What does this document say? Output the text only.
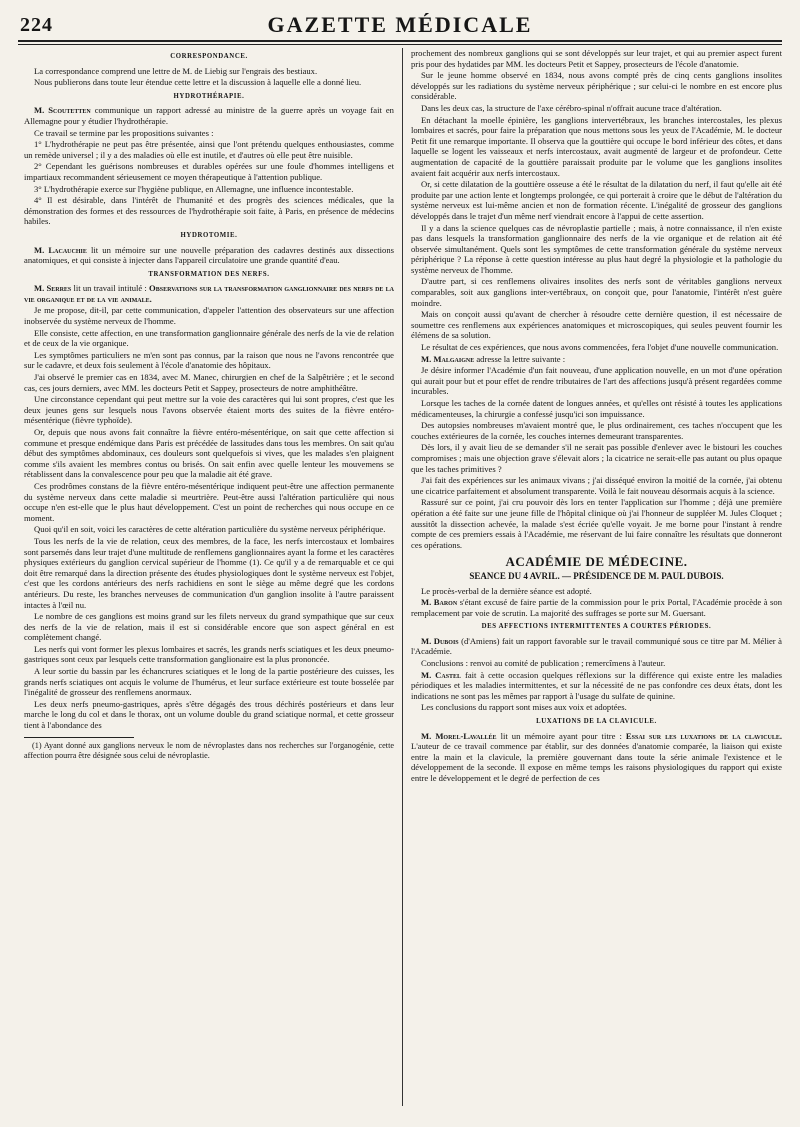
224	GAZETTE MÉDICALE
CORRESPONDANCE.

La correspondance comprend une lettre de M. de Liebig sur l'engrais des bestiaux.

Nous publierons dans toute leur étendue cette lettre et la discussion à laquelle elle a donné lieu.

HYDROTHÉRAPIE.

M. Scoutetten communique un rapport adressé au ministre de la guerre après un voyage fait en Allemagne pour y étudier l'hydrothérapie.

Ce travail se termine par les propositions suivantes :

1° L'hydrothérapie ne peut pas être présentée, ainsi que l'ont prétendu quelques enthousiastes, comme un remède universel ; il y a des maladies où elle est inutile, et d'autres où elle peut être nuisible.

2° Cependant les guérisons nombreuses et durables opérées sur une foule d'hommes intelligens et impartiaux recommandent sérieusement ce moyen thérapeutique à l'attention publique.

3° L'hydrothérapie exerce sur l'hygiène publique, en Allemagne, une influence incontestable.

4° Il est désirable, dans l'intérêt de l'humanité et des progrès des sciences médicales, que la démonstration des formes et des ressources de l'hydrothérapie soit faite, à Paris, en présence de médecins habiles.

HYDROTOMIE.

M. Lacauchie lit un mémoire sur une nouvelle préparation des cadavres destinés aux dissections anatomiques, et qui consiste à injecter dans l'appareil circulatoire une grande quantité d'eau.

TRANSFORMATION DES NERFS.

M. Serres lit un travail intitulé : Observations sur la transformation ganglionnaire des nerfs de la vie organique et de la vie animale.

Je me propose, dit-il, par cette communication, d'appeler l'attention des observateurs sur une affection inobservée du système nerveux de l'homme.

Elle consiste, cette affection, en une transformation ganglionnaire générale des nerfs de la vie de relation et de ceux de la vie organique.

Les symptômes particuliers ne m'en sont pas connus, par la raison que nous ne l'avons rencontrée que sur le cadavre, et deux fois seulement à l'école d'anatomie des hôpitaux.

J'ai observé le premier cas en 1834, avec M. Manec, chirurgien en chef de la Salpêtrière ; et le second cas, ces jours derniers, avec MM. les docteurs Petit et Sappey, prosecteurs de notre amphithéâtre.

Une circonstance cependant qui peut mettre sur la voie des caractères qui lui sont propres, c'est que les deux jeunes gens sur lesquels nous l'avons observée étaient morts des suites de la fièvre entéro-mésentérique (fièvre typhoïde).

Or, depuis que nous avons fait connaître la fièvre entéro-mésentérique, on sait que cette affection si commune et presque endémique dans Paris est précédée de lassitudes dans tous les membres. On sait qu'au début des symptômes abdominaux, ces douleurs sont quelquefois si vives, que les malades s'en plaignent comme s'ils avaient les membres contus ou brisés. On sait enfin avec quelle lenteur les mouvemens se rétablissent dans la convalescence pour peu que la maladie ait été grave.

Ces prodrômes constans de la fièvre entéro-mésentérique indiquent peut-être une affection permanente du système nerveux dans cette maladie si meurtrière. Peut-être aussi l'altération particulière qui nous occupe n'en est-elle que le plus haut développement. C'est un point de recherches qui nous occupe en ce moment.

Quoi qu'il en soit, voici les caractères de cette altération particulière du système nerveux périphérique.

Tous les nerfs de la vie de relation, ceux des membres, de la face, les nerfs intercostaux et lombaires sont parsemés dans leur trajet d'une multitude de renflemens ganglionnaires ayant la forme et les caractères physiques extérieurs du ganglion cervical supérieur de l'homme (1). Ce qu'il y a de remarquable et ce qui doit être remarqué dans la direction présente des études physiologiques dont le système nerveux est l'objet, c'est que les cordons antérieurs des nerfs rachidiens en sont le siège au même degré que les cordons antérieurs. Du reste, les branches nerveuses de communication d'un ganglion insolite à l'autre paraissent intactes à l'œil nu.

Le nombre de ces ganglions est moins grand sur les filets nerveux du grand sympathique que sur ceux des nerfs de la vie de relation, mais il est si considérable encore que son aspect général en est complètement changé.

Les nerfs qui vont former les plexus lombaires et sacrés, les grands nerfs sciatiques et les deux pneumo-gastriques sont ceux par lesquels cette transformation ganglionaire est la plus prononcée.

A leur sortie du bassin par les échancrures sciatiques et le long de la partie postérieure des cuisses, les grands nerfs sciatiques ont acquis le volume de l'humérus, et leur surface extérieure est toute bosselée par l'inégalité de grosseur des renflemens anormaux.

Les deux nerfs pneumo-gastriques, après s'être dégagés des trous déchirés postérieurs et dans leur marche le long du col et dans le thorax, ont un volume double du grand sciatique normal, et cette grosseur tient à l'abondance des

(1) Ayant donné aux ganglions nerveux le nom de névroplastes dans nos recherches sur l'organogénie, cette affection pourra être désignée sous celui de névroplastie.

prochement des nombreux ganglions qui se sont développés sur leur trajet, et qui au premier aspect furent pris pour des hydatides par MM. les docteurs Petit et Sappey, prosecteurs de l'école d'anatomie.

Sur le jeune homme observé en 1834, nous avons compté près de cinq cents ganglions insolites développés sur les radiations du système nerveux périphérique ; sur celui-ci le nombre en est encore plus considérable.

Dans les deux cas, la structure de l'axe cérébro-spinal n'offrait aucune trace d'altération.

En détachant la moelle épinière, les ganglions intervertébraux, les branches intercostales, les plexus lombaires et sacrés, pour faire la préparation que nous mettons sous les yeux de l'Académie, M. le docteur Petit fit une remarque importante. Il observa que la gouttière qui occupe le bord inférieur des côtes, et dans laquelle se logent les vaisseaux et nerfs intercostaux, avait augmenté de largeur et de profondeur. Cette augmentation de capacité de la gouttière paraissait produite par le volume que les ganglions insolites avaient fait acquérir aux nerfs intercostaux.

Or, si cette dilatation de la gouttière osseuse a été le résultat de la dilatation du nerf, il faut qu'elle ait été produite par une action lente et longtemps prolongée, ce qui porterait à croire que le début de l'altération du système nerveux est lui-même ancien et non de formation récente. L'inégalité de grosseur des ganglions développés dans le trajet d'un même nerf viendrait encore à l'appui de cette assertion.

Il y a dans la science quelques cas de névroplastie partielle ; mais, à notre connaissance, il n'en existe pas dans lesquels la transformation ganglionnaire des nerfs de la vie organique et de relation ait été observée simultanément. Quels sont les symptômes de cette transformation générale du système nerveux périphérique ? La réponse à cette question intéresse au plus haut degré la physiologie et la pathologie du système nerveux de l'homme.

D'autre part, si ces renflemens olivaires insolites des nerfs sont de véritables ganglions nerveux comparables, soit aux ganglions inter-vertébraux, on conçoit que, pour l'anatomie, l'intérêt n'est guère moindre.

Mais on conçoit aussi qu'avant de chercher à résoudre cette dernière question, il est nécessaire de soumettre ces renflemens aux expériences anatomiques et microscopiques, qui seules peuvent fournir les élémens de sa solution.

Le résultat de ces expériences, que nous avons commencées, fera l'objet d'une nouvelle communication.

M. Malgaigne adresse la lettre suivante :

Je désire informer l'Académie d'un fait nouveau, d'une application nouvelle, en un mot d'une opération qui aurait pour but et pour effet de rendre tributaires de l'art des affections jusqu'à présent regardées comme incurables.

Lorsque les taches de la cornée datent de longues années, et qu'elles ont résisté à toutes les applications médicamenteuses, la chirurgie a confessé jusqu'ici son impuissance.

Des autopsies nombreuses m'avaient montré que, le plus ordinairement, ces taches n'occupent que les couches extérieures de la cornée, les couches internes demeurant transparentes.

Dès lors, il y avait lieu de se demander s'il ne serait pas possible d'enlever avec le bistouri les couches compromises ; mais une objection grave s'élevait alors ; la cicatrice ne serait-elle pas autant ou plus opaque que les taches primitives ?

J'ai fait des expériences sur les animaux vivans ; j'ai disséqué environ la moitié de la cornée, j'ai obtenu une cicatrice parfaitement et absolument transparente. Voilà le fait nouveau désormais acquis à la science.

Rassuré sur ce point, j'ai cru pouvoir dès lors en tenter l'application sur l'homme ; déjà une première opération a été faite sur une jeune fille de l'hôpital clinique où j'ai l'honneur de suppléer M. Jules Cloquet ; aussitôt la dissection achevée, la malade s'est écriée qu'elle voyait. Je me borne pour l'instant à rendre compte de ces premiers essais à l'Académie, me réservant de lui faire connaître les résultats que donneront ces opérations.

ACADÉMIE DE MÉDECINE.
SEANCE DU 4 AVRIL. — PRÉSIDENCE DE M. PAUL DUBOIS.

Le procès-verbal de la dernière séance est adopté.

M. Baron s'étant excusé de faire partie de la commission pour le prix Portal, l'Académie procède à son remplacement par voie de scrutin. La majorité des suffrages se porte sur M. Guersant.

DES AFFECTIONS INTERMITTENTES A COURTES PÉRIODES.

M. Dubois (d'Amiens) fait un rapport favorable sur le travail communiqué sous ce titre par M. Mélier à l'Académie.

Conclusions : renvoi au comité de publication ; remercîmens à l'auteur.

M. Castel fait à cette occasion quelques réflexions sur la différence qui existe entre les maladies périodiques et les maladies intermittentes, et sur la nécessité de ne pas confondre ces deux états, dont les indications ne sont pas les mêmes par rapport à l'usage du sulfate de quinine.

Les conclusions du rapport sont mises aux voix et adoptées.

LUXATIONS DE LA CLAVICULE.

M. Morel-Lavallée lit un mémoire ayant pour titre : Essai sur les luxations de la clavicule. L'auteur de ce travail commence par établir, sur des données d'anatomie comparée, la liaison qui existe entre la main et la clavicule, la première gouvernant dans toute la série animale l'existence et le développement de la seconde. Il expose en même temps les raisons physiologiques du rapport qui existe entre le développement et le degré de perfection de ces
